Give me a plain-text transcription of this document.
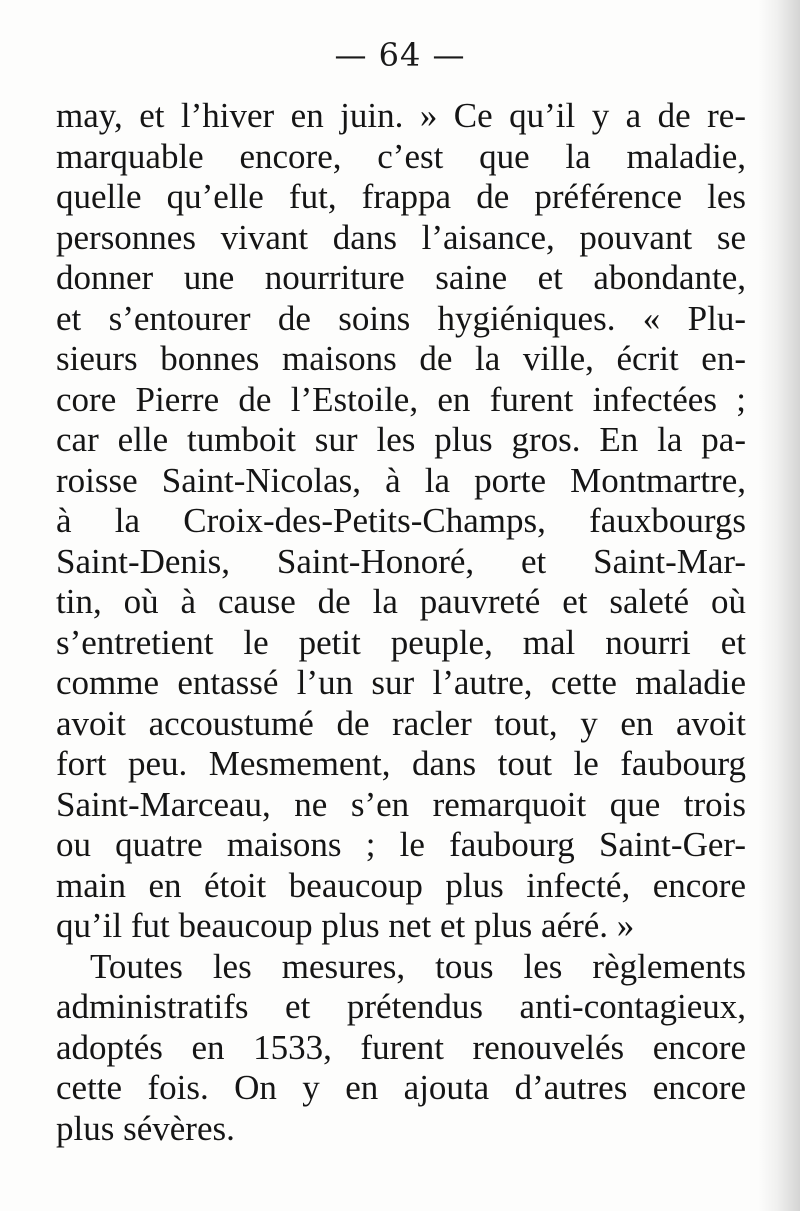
— 64 —
may, et l’hiver en juin. » Ce qu’il y a de re-
marquable encore, c’est que la maladie,
quelle qu’elle fut, frappa de préférence les
personnes vivant dans l’aisance, pouvant se
donner une nourriture saine et abondante,
et s’entourer de soins hygiéniques. « Plu-
sieurs bonnes maisons de la ville, écrit en-
core Pierre de l’Estoile, en furent infectées ;
car elle tumboit sur les plus gros. En la pa-
roisse Saint-Nicolas, à la porte Montmartre,
à la Croix-des-Petits-Champs, fauxbourgs
Saint-Denis, Saint-Honoré, et Saint-Mar-
tin, où à cause de la pauvreté et saleté où
s’entretient le petit peuple, mal nourri et
comme entassé l’un sur l’autre, cette maladie
avoit accoustumé de racler tout, y en avoit
fort peu. Mesmement, dans tout le faubourg
Saint-Marceau, ne s’en remarquoit que trois
ou quatre maisons ; le faubourg Saint-Ger-
main en étoit beaucoup plus infecté, encore
qu’il fut beaucoup plus net et plus aéré. »
Toutes les mesures, tous les règlements
administratifs et prétendus anti-contagieux,
adoptés en 1533, furent renouvelés encore
cette fois. On y en ajouta d’autres encore
plus sévères.
